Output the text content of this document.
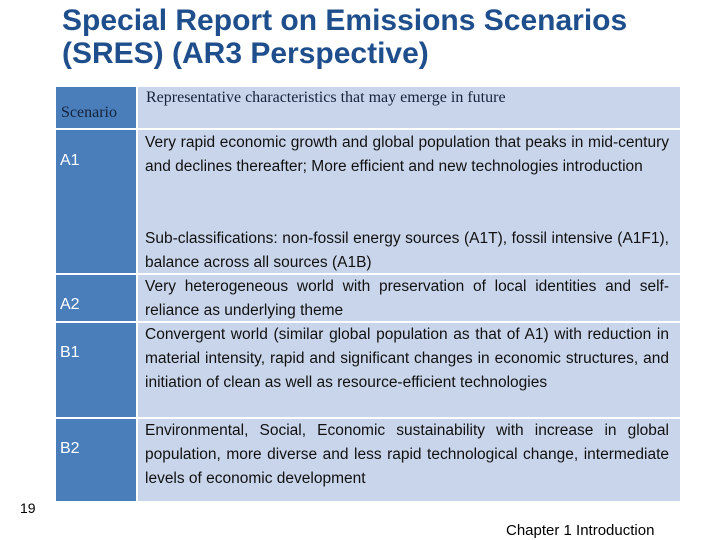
Special Report on Emissions Scenarios
(SRES) (AR3 Perspective)
Scenario
Representative characteristics that may emerge in future
A1
A2
B1
B2
Very rapid economic growth and global population that peaks in mid-century and declines thereafter; More efficient and new technologies introduction
Sub-classifications: non-fossil energy sources (A1T), fossil intensive (A1F1), balance across all sources (A1B)
Very heterogeneous world with preservation of local identities and self-reliance as underlying theme
Convergent world (similar global population as that of A1) with reduction in material intensity, rapid and significant changes in economic structures, and initiation of clean as well as resource-efficient technologies
Environmental, Social, Economic sustainability with increase in global population, more diverse and less rapid technological change, intermediate levels of economic development
19
Chapter 1 Introduction
